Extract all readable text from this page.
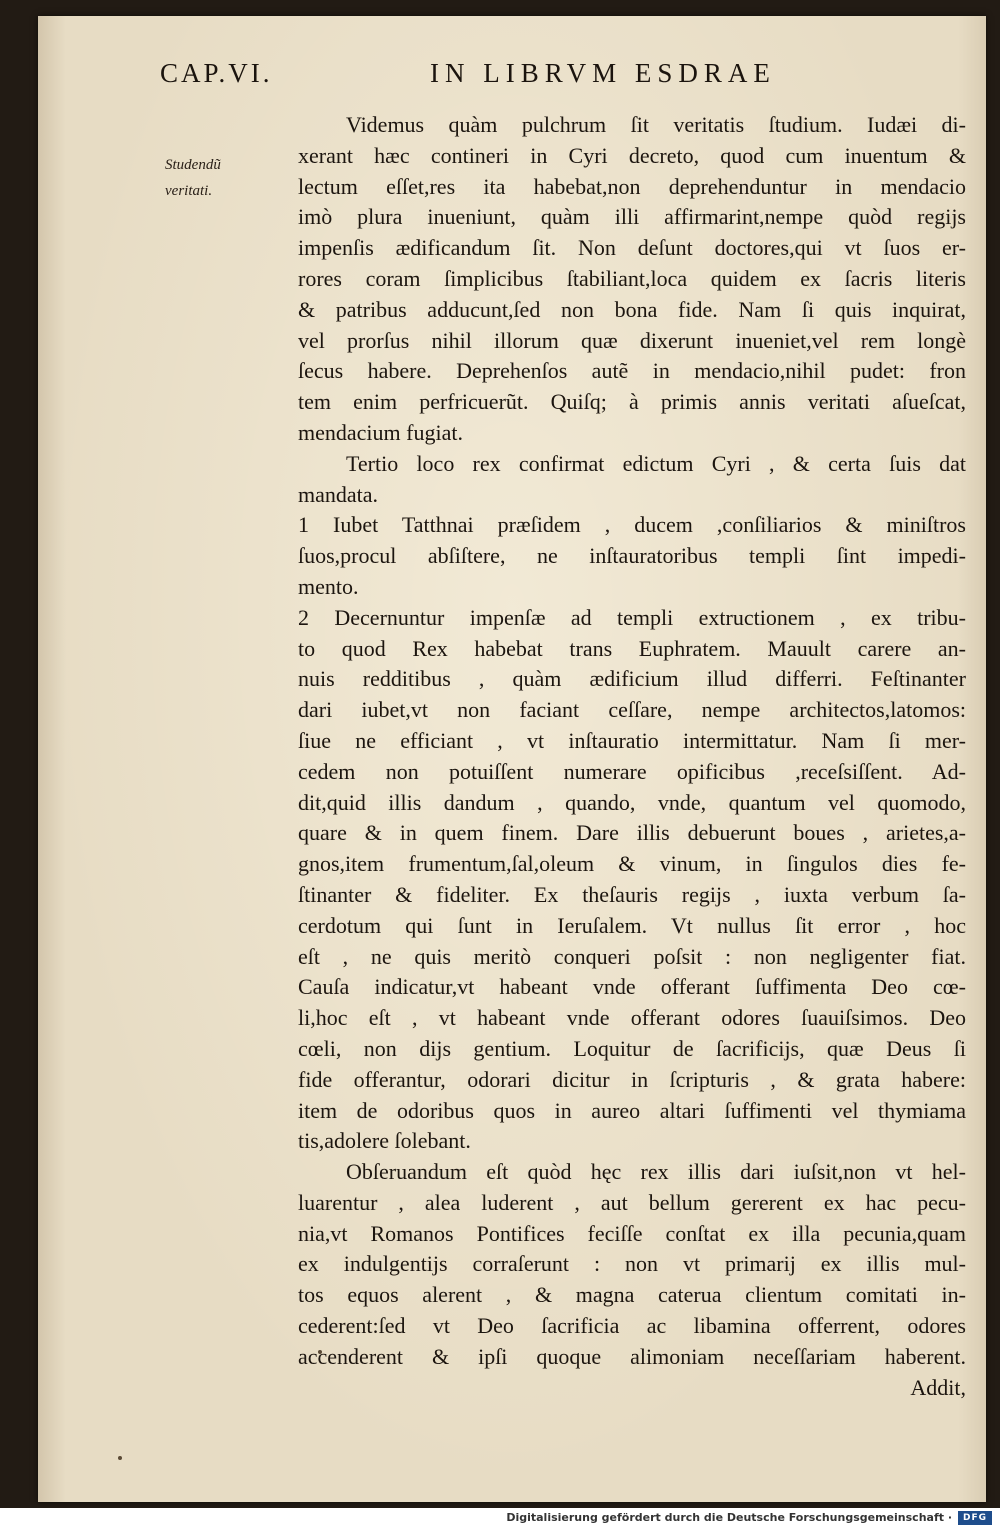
CAP.VI.	IN LIBRVM ESDRAE
Studendũ
veritati.
Videmus quàm pulchrum ſit veritatis ſtudium. Iudæi di-
xerant hæc contineri in Cyri decreto, quod cum inuentum &
lectum eſſet,res ita habebat,non deprehenduntur in mendacio
imò plura inueniunt, quàm illi affirmarint,nempe quòd regijs
impenſis ædificandum ſit. Non deſunt doctores,qui vt ſuos er-
rores coram ſimplicibus ſtabiliant,loca quidem ex ſacris literis
& patribus adducunt,ſed non bona fide. Nam ſi quis inquirat,
vel prorſus nihil illorum quæ dixerunt inueniet,vel rem longè
ſecus habere. Deprehenſos autẽ in mendacio,nihil pudet: fron
tem enim perfricuerũt. Quiſq; à primis annis veritati aſueſcat,
mendacium fugiat.
Tertio loco rex confirmat edictum Cyri , & certa ſuis dat
mandata.
1 Iubet Tatthnai præſidem , ducem ,conſiliarios & miniſtros
ſuos,procul abſiſtere, ne inſtauratoribus templi ſint impedi-
mento.
2 Decernuntur impenſæ ad templi extructionem , ex tribu-
to quod Rex habebat trans Euphratem. Mauult carere an-
nuis redditibus , quàm ædificium illud differri. Feſtinanter
dari iubet,vt non faciant ceſſare, nempe architectos,latomos:
ſiue ne efficiant , vt inſtauratio intermittatur. Nam ſi mer-
cedem non potuiſſent numerare opificibus ,receſsiſſent. Ad-
dit,quid illis dandum , quando, vnde, quantum vel quomodo,
quare & in quem finem. Dare illis debuerunt boues , arietes,a-
gnos,item frumentum,ſal,oleum & vinum, in ſingulos dies fe-
ſtinanter & fideliter. Ex theſauris regijs , iuxta verbum ſa-
cerdotum qui ſunt in Ieruſalem. Vt nullus ſit error , hoc
eſt , ne quis meritò conqueri poſsit : non negligenter fiat.
Cauſa indicatur,vt habeant vnde offerant ſuffimenta Deo cœ-
li,hoc eſt , vt habeant vnde offerant odores ſuauiſsimos. Deo
cœli, non dijs gentium. Loquitur de ſacrificijs, quæ Deus ſi
fide offerantur, odorari dicitur in ſcripturis , & grata habere:
item de odoribus quos in aureo altari ſuffimenti vel thymiama
tis,adolere ſolebant.
Obſeruandum eſt quòd hęc rex illis dari iuſsit,non vt hel-
luarentur , alea luderent , aut bellum gererent ex hac pecu-
nia,vt Romanos Pontifices feciſſe conſtat ex illa pecunia,quam
ex indulgentijs corraſerunt : non vt primarij ex illis mul-
tos equos alerent , & magna caterua clientum comitati in-
cederent:ſed vt Deo ſacrificia ac libamina offerrent, odores
accenderent & ipſi quoque alimoniam neceſſariam haberent.
Addit,
Digitalisierung gefördert durch die Deutsche Forschungsgemeinschaft ·	DFG
